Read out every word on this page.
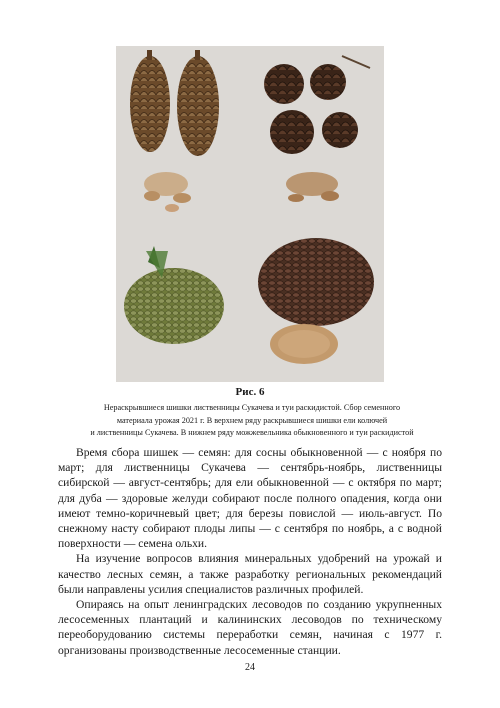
Рис. 6
Нераскрывшиеся шишки лиственницы Сукачева и туи раскидистой. Сбор семенного
материала урожая 2021 г. В верхнем ряду раскрывшиеся шишки ели колючей
и лиственницы Сукачева. В нижнем ряду можжевельника обыкновенного и туи раскидистой

Время сбора шишек — семян: для сосны обыкновенной — с ноября по март; для лиственницы Сукачева — сентябрь-ноябрь, лиственницы сибирской — август-сентябрь; для ели обыкновенной — с октября по март; для дуба — здоровые желуди собирают после полного опадения, когда они имеют темно-коричневый цвет; для березы повислой — июль-август. По снежному насту собирают плоды липы — с сентября по ноябрь, а с водной поверхности — семена ольхи.

На изучение вопросов влияния минеральных удобрений на урожай и качество лесных семян, а также разработку региональных рекомендаций были направлены усилия специалистов различных профилей.

Опираясь на опыт ленинградских лесоводов по созданию укрупненных лесосеменных плантаций и калининских лесоводов по техническому переоборудованию системы переработки семян, начиная с 1977 г. организованы производственные лесосеменные станции.

24
